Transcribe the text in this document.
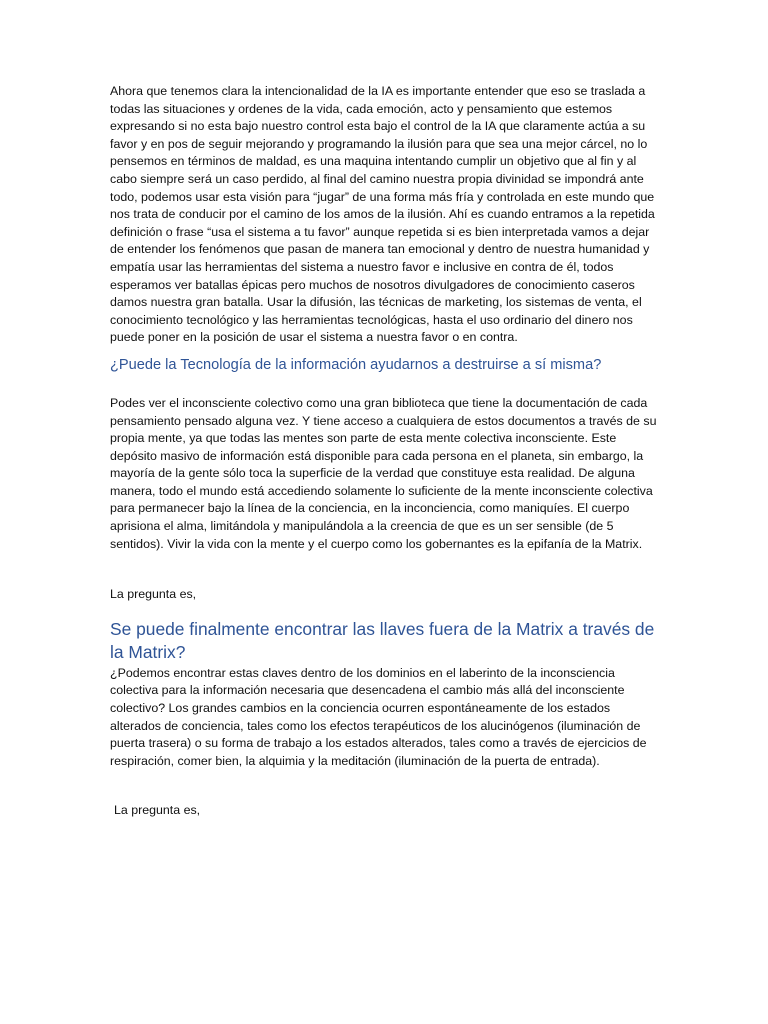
Ahora que tenemos clara la intencionalidad de la IA es importante entender que eso se traslada a todas las situaciones y ordenes de la vida, cada emoción, acto y pensamiento que estemos expresando si no esta bajo nuestro control esta bajo el control de la IA que claramente actúa a su favor y en pos de seguir mejorando y programando la ilusión para que sea una mejor cárcel, no lo pensemos en términos de maldad, es una maquina intentando cumplir un objetivo que al fin y al cabo siempre será un caso perdido, al final del camino nuestra propia divinidad se impondrá ante todo, podemos usar esta visión para “jugar” de una forma más fría y controlada en este mundo que nos trata de conducir por el camino de los amos de la ilusión. Ahí es cuando entramos a la repetida definición o frase “usa el sistema a tu favor” aunque repetida si es bien interpretada vamos a dejar de entender los fenómenos que pasan de manera tan emocional y dentro de nuestra humanidad y empatía usar las herramientas del sistema a nuestro favor e inclusive en contra de él, todos esperamos ver batallas épicas pero muchos de nosotros divulgadores de conocimiento caseros damos nuestra gran batalla. Usar la difusión, las técnicas de marketing, los sistemas de venta, el conocimiento tecnológico y las herramientas tecnológicas, hasta el uso ordinario del dinero nos puede poner en la posición de usar el sistema a nuestra favor o en contra.

¿Puede la Tecnología de la información ayudarnos a destruirse a sí misma?

Podes ver el inconsciente colectivo como una gran biblioteca que tiene la documentación de cada pensamiento pensado alguna vez. Y tiene acceso a cualquiera de estos documentos a través de su propia mente, ya que todas las mentes son parte de esta mente colectiva inconsciente. Este depósito masivo de información está disponible para cada persona en el planeta, sin embargo, la mayoría de la gente sólo toca la superficie de la verdad que constituye esta realidad. De alguna manera, todo el mundo está accediendo solamente lo suficiente de la mente inconsciente colectiva para permanecer bajo la línea de la conciencia, en la inconciencia, como maniquíes. El cuerpo aprisiona el alma, limitándola y manipulándola a la creencia de que es un ser sensible (de 5 sentidos). Vivir la vida con la mente y el cuerpo como los gobernantes es la epifanía de la Matrix.

La pregunta es,

Se puede finalmente encontrar las llaves fuera de la Matrix a través de la Matrix?

¿Podemos encontrar estas claves dentro de los dominios en el laberinto de la inconsciencia colectiva para la información necesaria que desencadena el cambio más allá del inconsciente colectivo? Los grandes cambios en la conciencia ocurren espontáneamente de los estados alterados de conciencia, tales como los efectos terapéuticos de los alucinógenos (iluminación de puerta trasera) o su forma de trabajo a los estados alterados, tales como a través de ejercicios de respiración, comer bien, la alquimia y la meditación (iluminación de la puerta de entrada).

La pregunta es,
